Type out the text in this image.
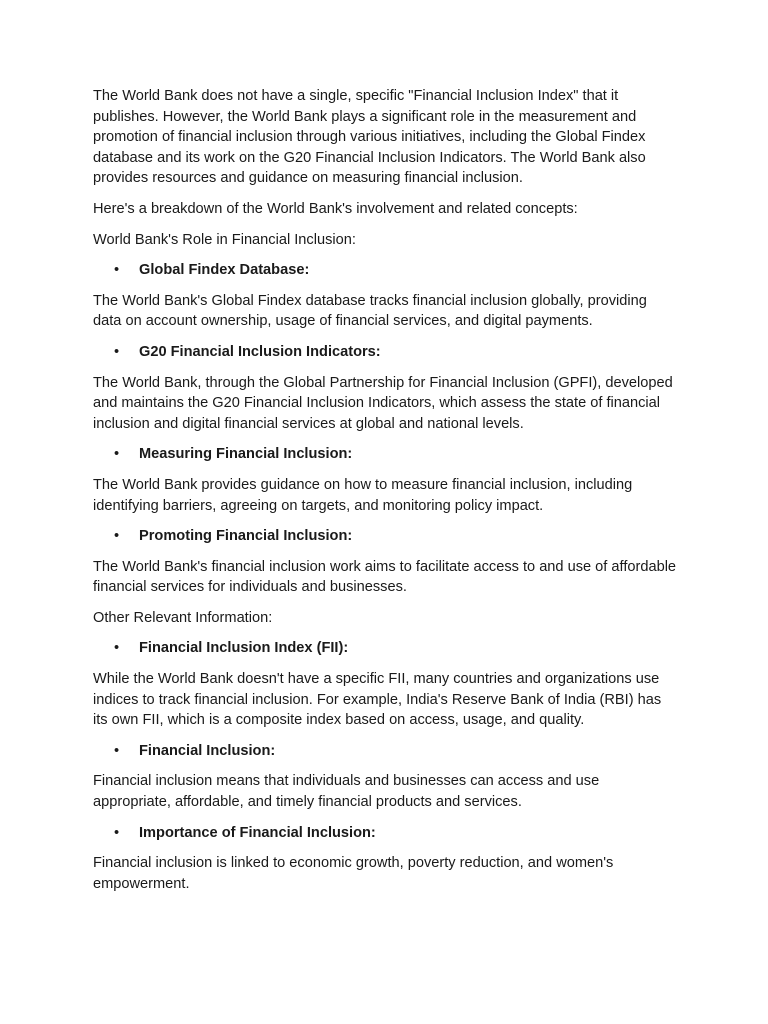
The World Bank does not have a single, specific "Financial Inclusion Index" that it publishes. However, the World Bank plays a significant role in the measurement and promotion of financial inclusion through various initiatives, including the Global Findex database and its work on the G20 Financial Inclusion Indicators. The World Bank also provides resources and guidance on measuring financial inclusion.

Here's a breakdown of the World Bank's involvement and related concepts:

World Bank's Role in Financial Inclusion:

• Global Findex Database:

The World Bank's Global Findex database tracks financial inclusion globally, providing data on account ownership, usage of financial services, and digital payments.

• G20 Financial Inclusion Indicators:

The World Bank, through the Global Partnership for Financial Inclusion (GPFI), developed and maintains the G20 Financial Inclusion Indicators, which assess the state of financial inclusion and digital financial services at global and national levels.

• Measuring Financial Inclusion:

The World Bank provides guidance on how to measure financial inclusion, including identifying barriers, agreeing on targets, and monitoring policy impact.

• Promoting Financial Inclusion:

The World Bank's financial inclusion work aims to facilitate access to and use of affordable financial services for individuals and businesses.

Other Relevant Information:

• Financial Inclusion Index (FII):

While the World Bank doesn't have a specific FII, many countries and organizations use indices to track financial inclusion. For example, India's Reserve Bank of India (RBI) has its own FII, which is a composite index based on access, usage, and quality.

• Financial Inclusion:

Financial inclusion means that individuals and businesses can access and use appropriate, affordable, and timely financial products and services.

• Importance of Financial Inclusion:

Financial inclusion is linked to economic growth, poverty reduction, and women's empowerment.
